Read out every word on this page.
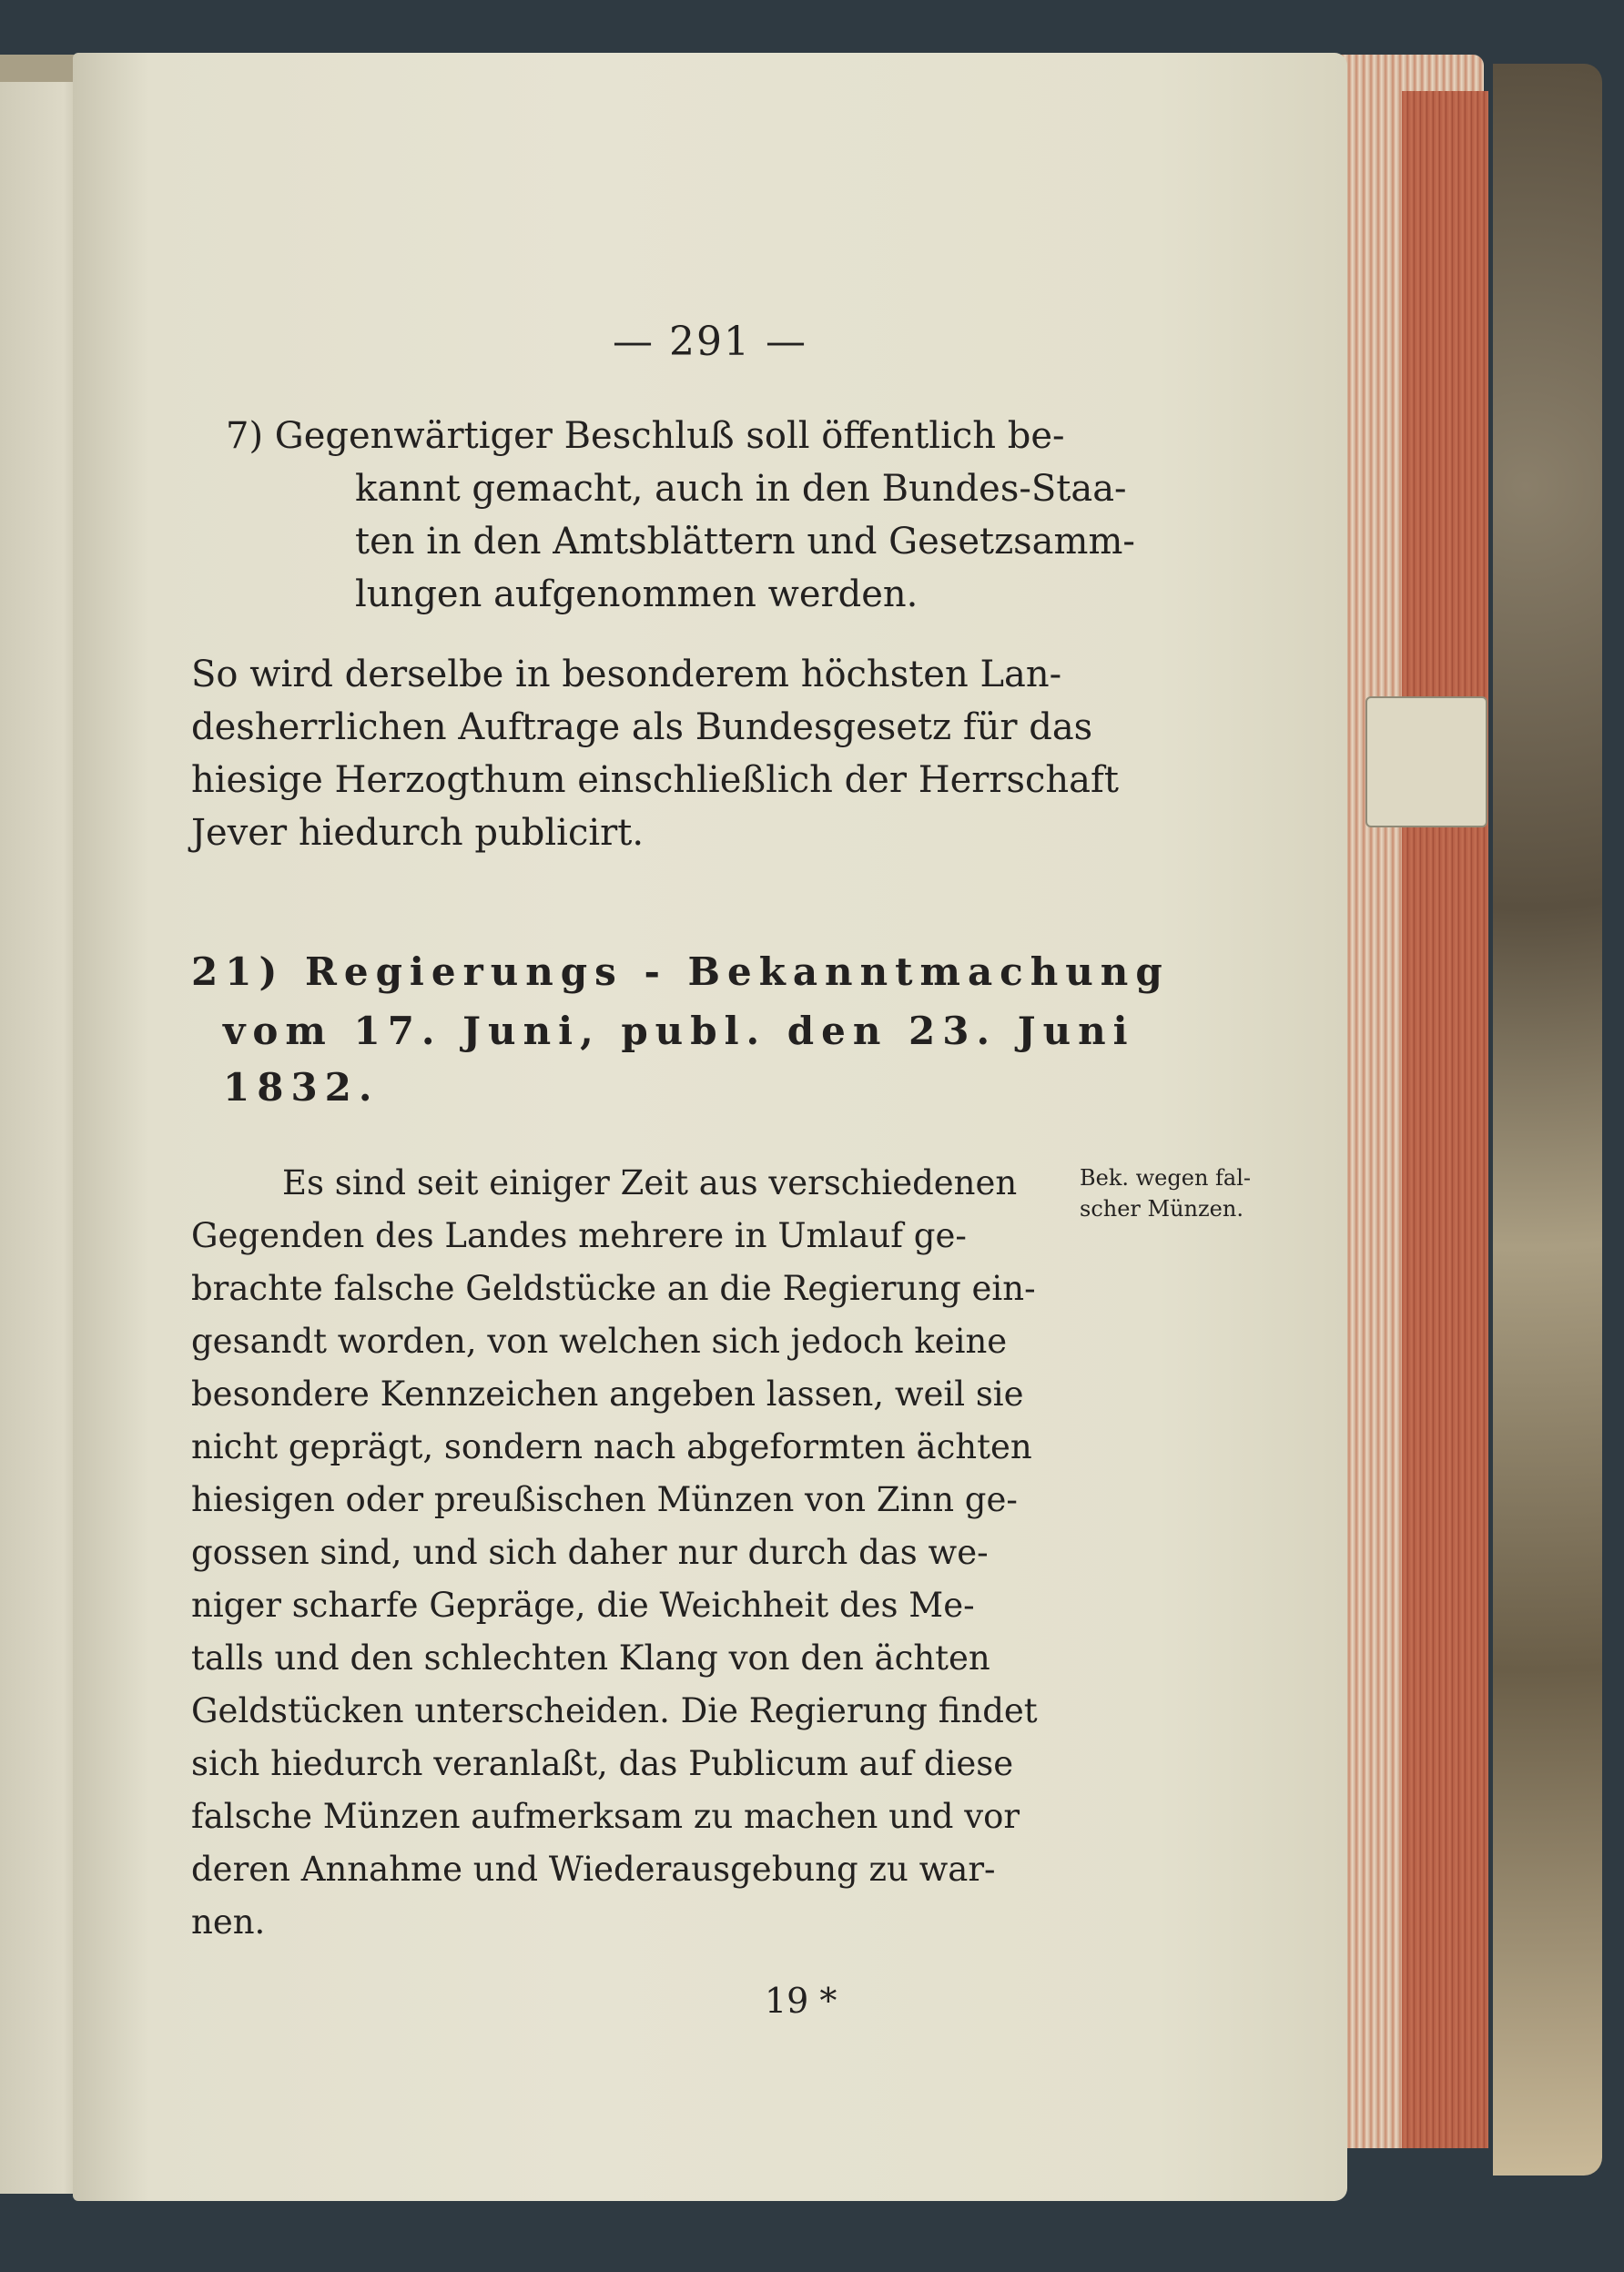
— 291 —
7) Gegenwärtiger Beschluß soll öffentlich be-
kannt gemacht, auch in den Bundes-Staa-
ten in den Amtsblättern und Gesetzsamm-
lungen aufgenommen werden.
So wird derselbe in besonderem höchsten Lan-
desherrlichen Auftrage als Bundesgesetz für das
hiesige Herzogthum einschließlich der Herrschaft
Jever hiedurch publicirt.
21) Regierungs - Bekanntmachung
vom 17. Juni, publ. den 23. Juni
1832.
Bek. wegen fal-
scher Münzen.
Es sind seit einiger Zeit aus verschiedenen
Gegenden des Landes mehrere in Umlauf ge-
brachte falsche Geldstücke an die Regierung ein-
gesandt worden, von welchen sich jedoch keine
besondere Kennzeichen angeben lassen, weil sie
nicht geprägt, sondern nach abgeformten ächten
hiesigen oder preußischen Münzen von Zinn ge-
gossen sind, und sich daher nur durch das we-
niger scharfe Gepräge, die Weichheit des Me-
talls und den schlechten Klang von den ächten
Geldstücken unterscheiden. Die Regierung findet
sich hiedurch veranlaßt, das Publicum auf diese
falsche Münzen aufmerksam zu machen und vor
deren Annahme und Wiederausgebung zu war-
nen.
19 *
